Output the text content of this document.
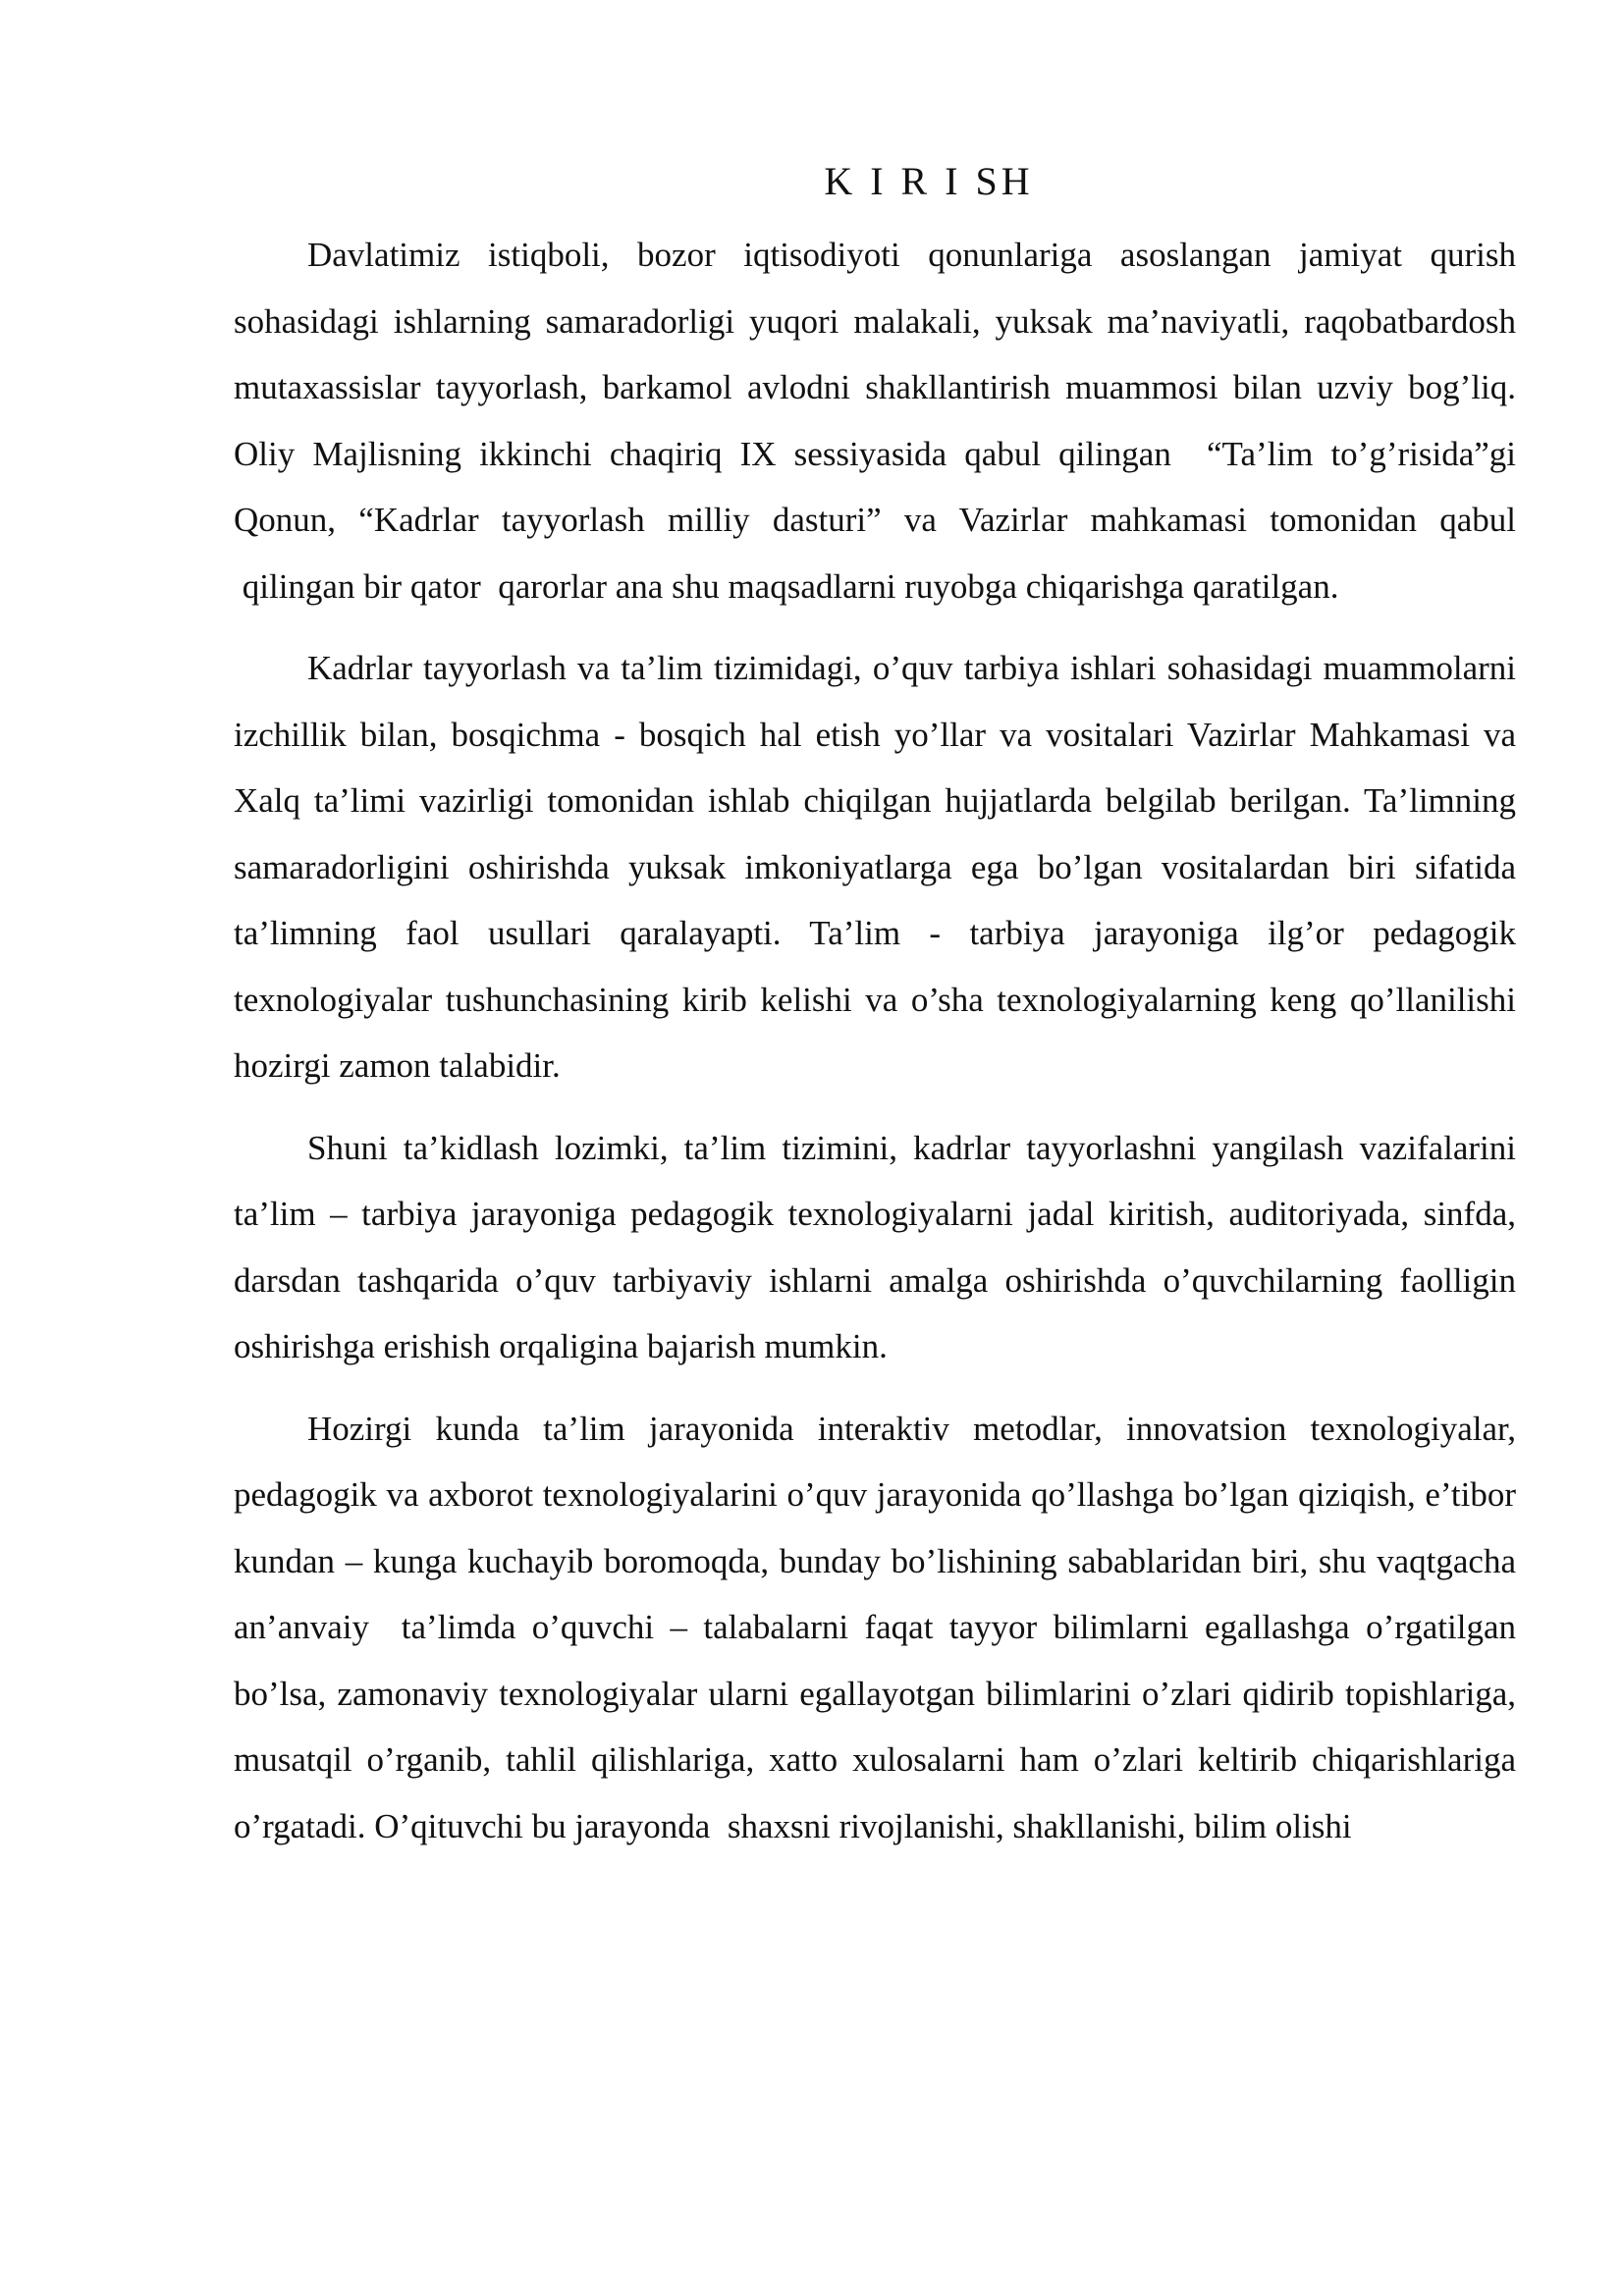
K I R I SH

Davlatimiz istiqboli, bozor iqtisodiyoti qonunlariga asoslangan jamiyat qurish sohasidagi ishlarning samaradorligi yuqori malakali, yuksak ma’naviyatli, raqobatbardosh mutaxassislar tayyorlash, barkamol avlodni shakllantirish muammosi bilan uzviy bog’liq. Oliy Majlisning ikkinchi chaqiriq IX sessiyasida qabul qilingan  “Ta’lim to’g’risida”gi Qonun, “Kadrlar tayyorlash milliy dasturi” va Vazirlar mahkamasi tomonidan qabul  qilingan bir qator  qarorlar ana shu maqsadlarni ruyobga chiqarishga qaratilgan.

Kadrlar tayyorlash va ta’lim tizimidagi, o’quv tarbiya ishlari sohasidagi muammolarni izchillik bilan, bosqichma - bosqich hal etish yo’llar va vositalari Vazirlar Mahkamasi va Xalq ta’limi vazirligi tomonidan ishlab chiqilgan hujjatlarda belgilab berilgan. Ta’limning samaradorligini oshirishda yuksak imkoniyatlarga ega bo’lgan vositalardan biri sifatida ta’limning faol usullari qaralayapti. Ta’lim - tarbiya jarayoniga ilg’or pedagogik texnologiyalar tushunchasining kirib kelishi va o’sha texnologiyalarning keng qo’llanilishi hozirgi zamon talabidir.

Shuni ta’kidlash lozimki, ta’lim tizimini, kadrlar tayyorlashni yangilash vazifalarini ta’lim – tarbiya jarayoniga pedagogik texnologiyalarni jadal kiritish, auditoriyada, sinfda, darsdan tashqarida o’quv tarbiyaviy ishlarni amalga oshirishda o’quvchilarning faolligin oshirishga erishish orqaligina bajarish mumkin.

Hozirgi kunda ta’lim jarayonida interaktiv metodlar, innovatsion texnologiyalar, pedagogik va axborot texnologiyalarini o’quv jarayonida qo’llashga bo’lgan qiziqish, e’tibor kundan – kunga kuchayib boromoqda, bunday bo’lishining sabablaridan biri, shu vaqtgacha an’anvaiy  ta’limda o’quvchi – talabalarni faqat tayyor bilimlarni egallashga o’rgatilgan bo’lsa, zamonaviy texnologiyalar ularni egallayotgan bilimlarini o’zlari qidirib topishlariga, musatqil o’rganib, tahlil qilishlariga, xatto xulosalarni ham o’zlari keltirib chiqarishlariga o’rgatadi. O’qituvchi bu jarayonda  shaxsni rivojlanishi, shakllanishi, bilim olishi
